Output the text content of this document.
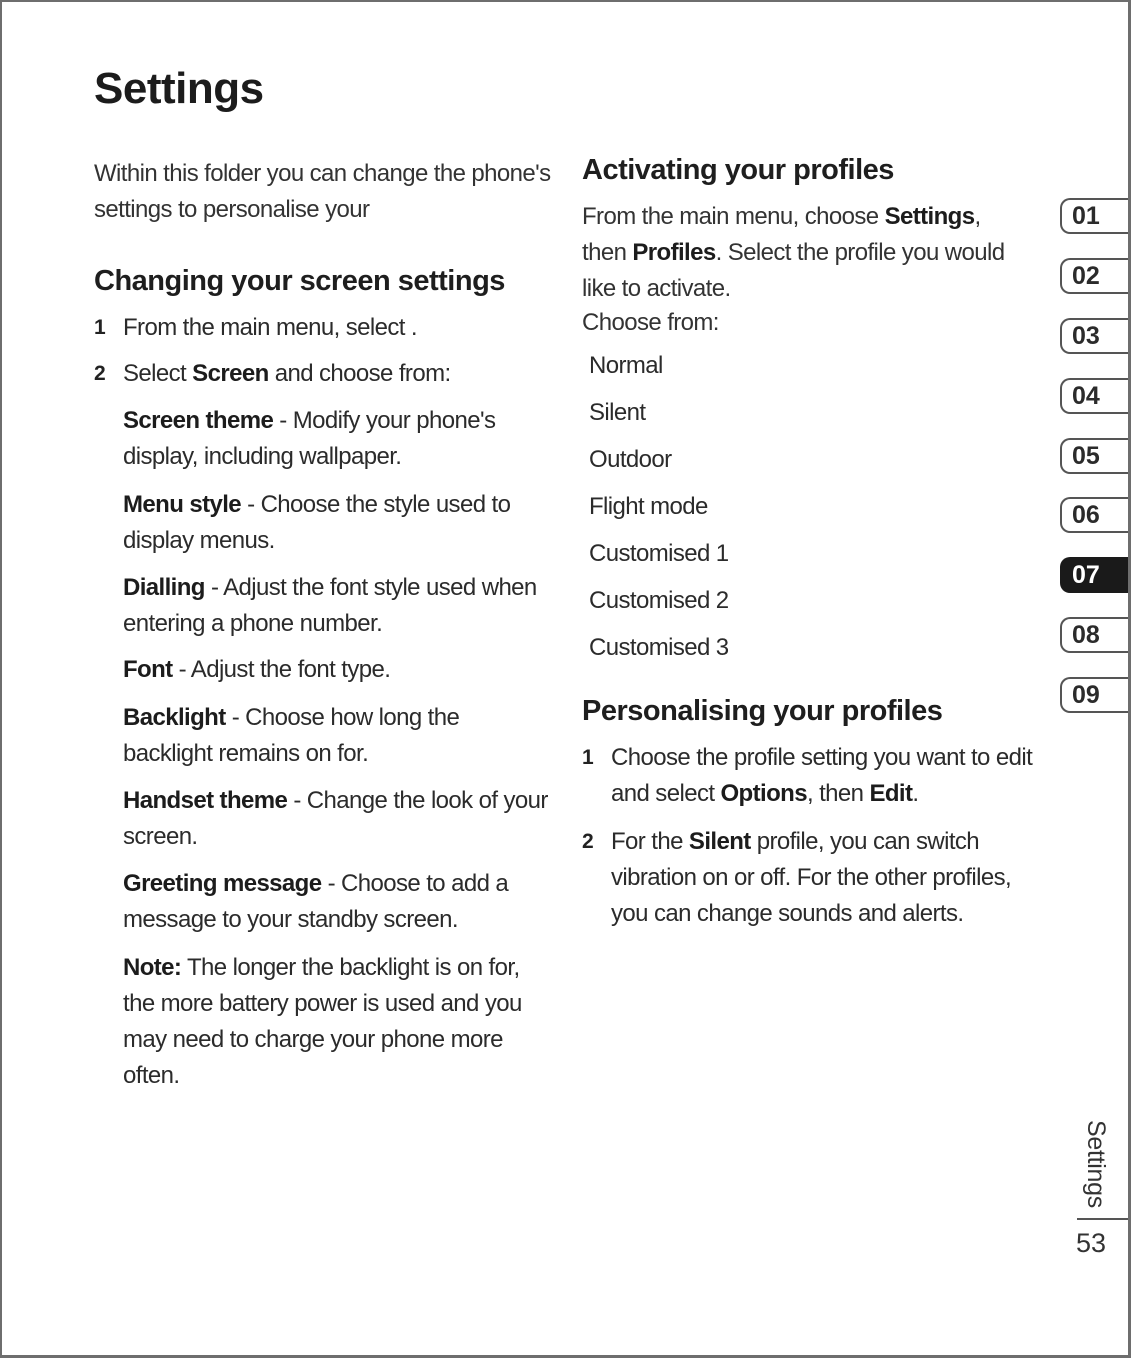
Settings

Within this folder you can change the phone's settings to personalise your

Changing your screen settings
1 From the main menu, select .
2 Select Screen and choose from:

Screen theme - Modify your phone's display, including wallpaper.

Menu style - Choose the style used to display menus.

Dialling - Adjust the font style used when entering a phone number.

Font - Adjust the font type.

Backlight - Choose how long the backlight remains on for.

Handset theme - Change the look of your screen.

Greeting message - Choose to add a message to your standby screen.

Note: The longer the backlight is on for, the more battery power is used and you may need to charge your phone more often.

Activating your profiles

From the main menu, choose Settings, then Profiles. Select the profile you would like to activate.

Choose from:

Normal
Silent
Outdoor
Flight mode
Customised 1
Customised 2
Customised 3
Personalising your profiles
1 Choose the profile setting you want to edit and select Options, then Edit.
2 For the Silent profile, you can switch vibration on or off. For the other profiles, you can change sounds and alerts.
01
02
03
04
05
06
07
08
09
Settings
53
